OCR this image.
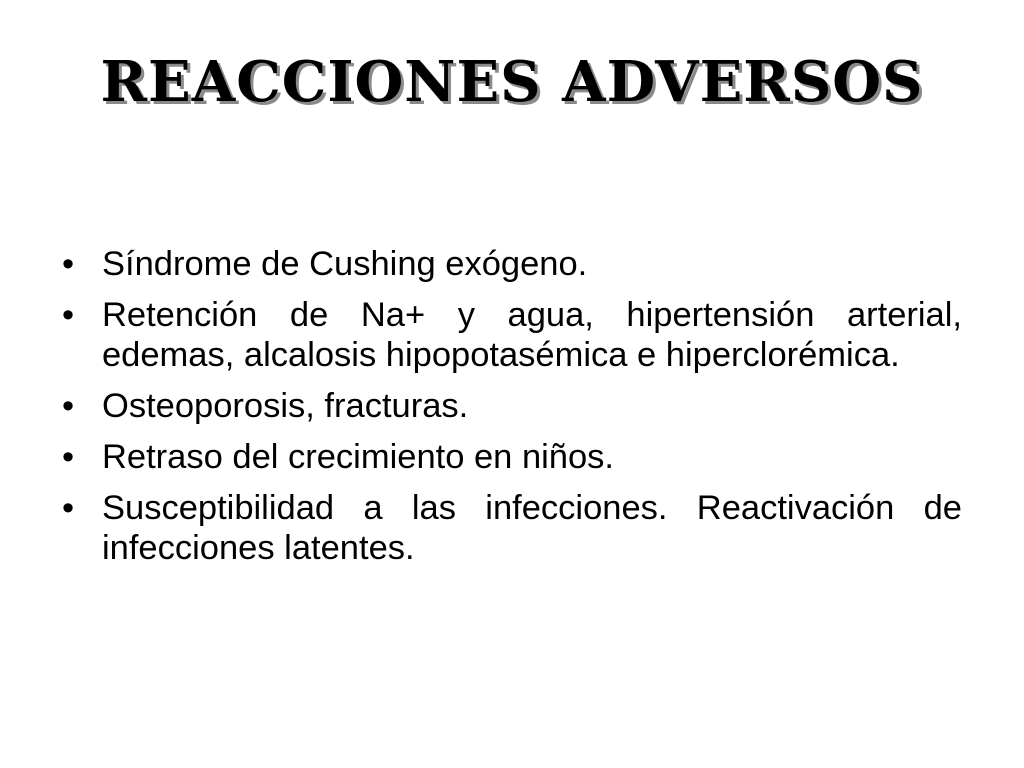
REACCIONES ADVERSOS
• Síndrome de Cushing exógeno.
• Retención de Na+ y agua, hipertensión arterial, edemas, alcalosis hipopotasémica e hiperclorémica.
• Osteoporosis, fracturas.
• Retraso del crecimiento en niños.
• Susceptibilidad a las infecciones. Reactivación de infecciones latentes.
